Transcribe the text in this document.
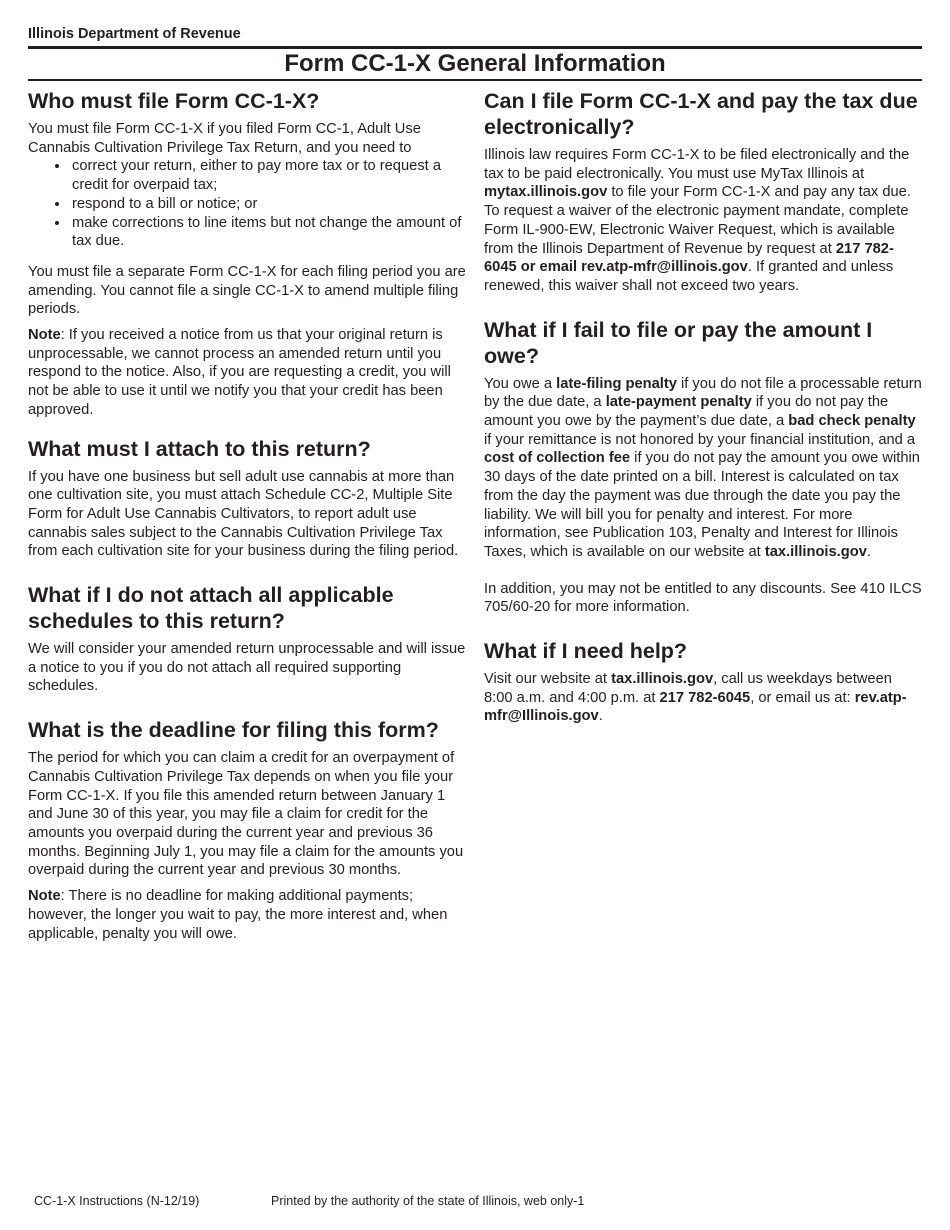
Illinois Department of Revenue
Form CC-1-X General Information
Who must file Form CC-1-X?

You must file Form CC-1-X if you filed Form CC-1, Adult Use Cannabis Cultivation Privilege Tax Return, and you need to

• correct your return, either to pay more tax or to request a credit for overpaid tax;
• respond to a bill or notice; or
• make corrections to line items but not change the amount of tax due.

You must file a separate Form CC-1-X for each filing period you are amending. You cannot file a single CC-1-X to amend multiple filing periods.

Note: If you received a notice from us that your original return is unprocessable, we cannot process an amended return until you respond to the notice. Also, if you are requesting a credit, you will not be able to use it until we notify you that your credit has been approved.

What must I attach to this return?

If you have one business but sell adult use cannabis at more than one cultivation site, you must attach Schedule CC-2, Multiple Site Form for Adult Use Cannabis Cultivators, to report adult use cannabis sales subject to the Cannabis Cultivation Privilege Tax from each cultivation site for your business during the filing period.

What if I do not attach all applicable schedules to this return?

We will consider your amended return unprocessable and will issue a notice to you if you do not attach all required supporting schedules.

What is the deadline for filing this form?

The period for which you can claim a credit for an overpayment of Cannabis Cultivation Privilege Tax depends on when you file your Form CC-1-X. If you file this amended return between January 1 and June 30 of this year, you may file a claim for credit for the amounts you overpaid during the current year and previous 36 months. Beginning July 1, you may file a claim for the amounts you overpaid during the current year and previous 30 months.

Note: There is no deadline for making additional payments; however, the longer you wait to pay, the more interest and, when applicable, penalty you will owe.

Can I file Form CC-1-X and pay the tax due electronically?

Illinois law requires Form CC-1-X to be filed electronically and the tax to be paid electronically. You must use MyTax Illinois at mytax.illinois.gov to file your Form CC-1-X and pay any tax due. To request a waiver of the electronic payment mandate, complete Form IL-900-EW, Electronic Waiver Request, which is available from the Illinois Department of Revenue by request at 217 782-6045 or email rev.atp-mfr@illinois.gov. If granted and unless renewed, this waiver shall not exceed two years.

What if I fail to file or pay the amount I owe?

You owe a late-filing penalty if you do not file a processable return by the due date, a late-payment penalty if you do not pay the amount you owe by the payment’s due date, a bad check penalty if your remittance is not honored by your financial institution, and a cost of collection fee if you do not pay the amount you owe within 30 days of the date printed on a bill. Interest is calculated on tax from the day the payment was due through the date you pay the liability. We will bill you for penalty and interest. For more information, see Publication 103, Penalty and Interest for Illinois Taxes, which is available on our website at tax.illinois.gov.

In addition, you may not be entitled to any discounts. See 410 ILCS 705/60-20 for more information.

What if I need help?

Visit our website at tax.illinois.gov, call us weekdays between 8:00 a.m. and 4:00 p.m. at 217 782-6045, or email us at: rev.atp-mfr@Illinois.gov.

CC-1-X Instructions (N-12/19)	Printed by the authority of the state of Illinois, web only-1
